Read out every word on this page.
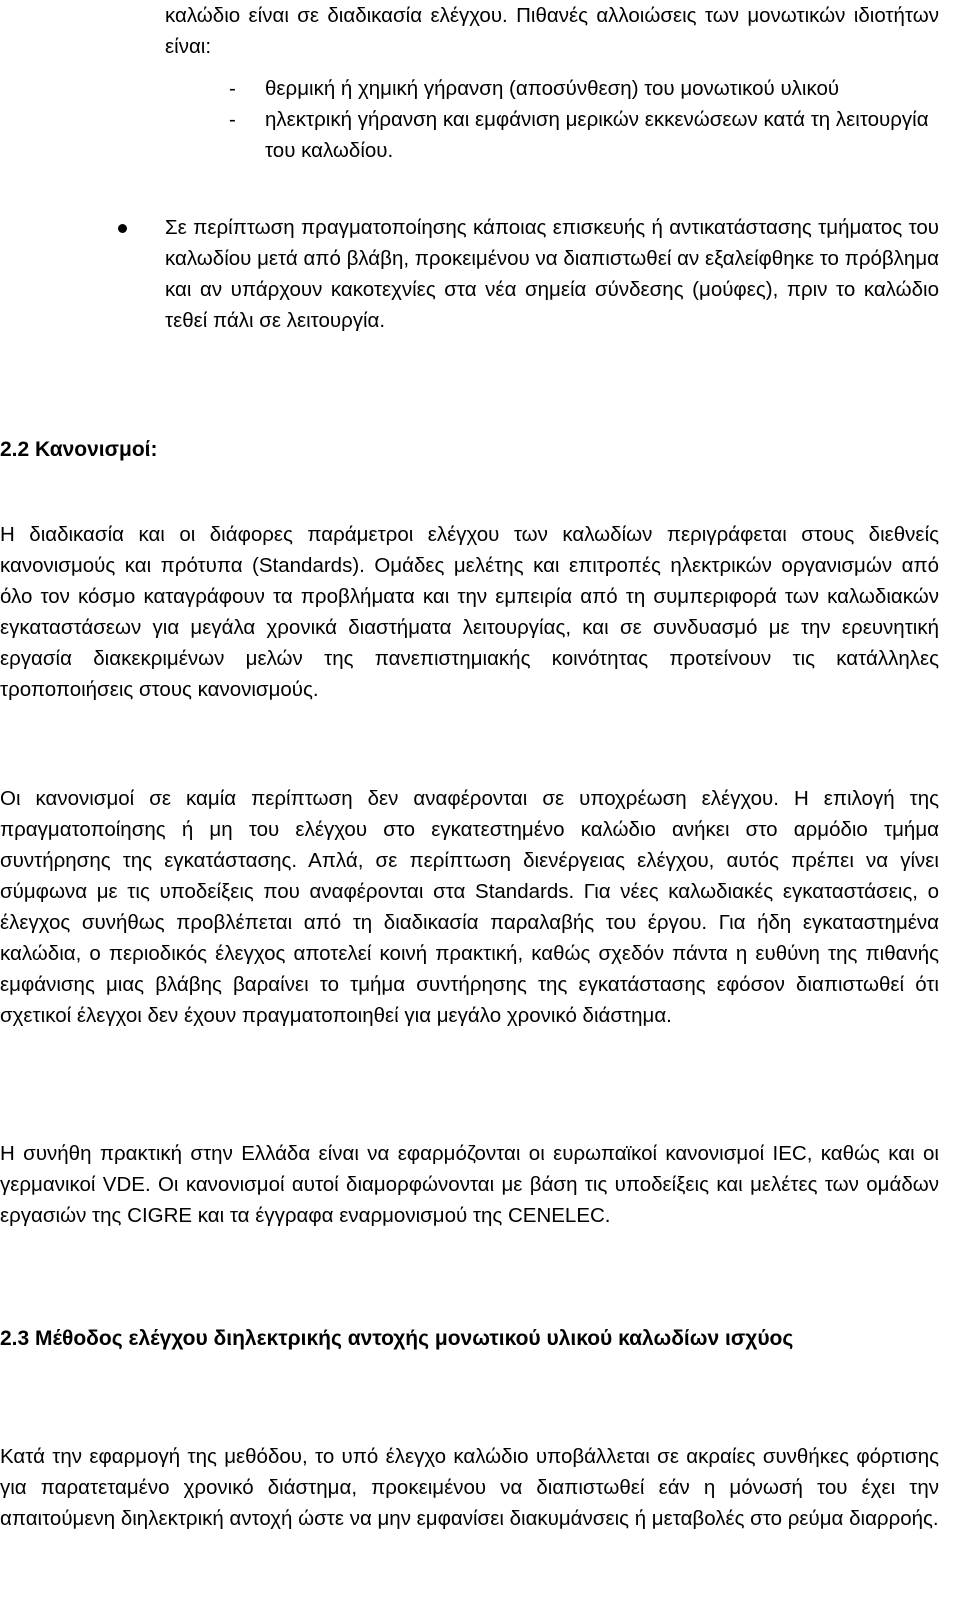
καλώδιο είναι σε διαδικασία ελέγχου. Πιθανές αλλοιώσεις των μονωτικών ιδιοτήτων είναι:

- θερμική ή χημική γήρανση (αποσύνθεση) του μονωτικού υλικού
- ηλεκτρική γήρανση και εμφάνιση μερικών εκκενώσεων κατά τη λειτουργία του καλωδίου.

Σε περίπτωση πραγματοποίησης κάποιας επισκευής ή αντικατάστασης τμήματος του καλωδίου μετά από βλάβη, προκειμένου να διαπιστωθεί αν εξαλείφθηκε το πρόβλημα και αν υπάρχουν κακοτεχνίες στα νέα σημεία σύνδεσης (μούφες), πριν το καλώδιο τεθεί πάλι σε λειτουργία.

2.2 Κανονισμοί:

Η διαδικασία και οι διάφορες παράμετροι ελέγχου των καλωδίων περιγράφεται στους διεθνείς κανονισμούς και πρότυπα (Standards). Ομάδες μελέτης και επιτροπές ηλεκτρικών οργανισμών από όλο τον κόσμο καταγράφουν τα προβλήματα και την εμπειρία από τη συμπεριφορά των καλωδιακών εγκαταστάσεων για μεγάλα χρονικά διαστήματα λειτουργίας, και σε συνδυασμό με την ερευνητική εργασία διακεκριμένων μελών της πανεπιστημιακής κοινότητας προτείνουν τις κατάλληλες τροποποιήσεις στους κανονισμούς.

Οι κανονισμοί σε καμία περίπτωση δεν αναφέρονται σε υποχρέωση ελέγχου. Η επιλογή της πραγματοποίησης ή μη του ελέγχου στο εγκατεστημένο καλώδιο ανήκει στο αρμόδιο τμήμα συντήρησης της εγκατάστασης. Απλά, σε περίπτωση διενέργειας ελέγχου, αυτός πρέπει να γίνει σύμφωνα με τις υποδείξεις που αναφέρονται στα Standards. Για νέες καλωδιακές εγκαταστάσεις, ο έλεγχος συνήθως προβλέπεται από τη διαδικασία παραλαβής του έργου. Για ήδη εγκαταστημένα καλώδια, ο περιοδικός έλεγχος αποτελεί κοινή πρακτική, καθώς σχεδόν πάντα η ευθύνη της πιθανής εμφάνισης μιας βλάβης βαραίνει το τμήμα συντήρησης της εγκατάστασης εφόσον διαπιστωθεί ότι σχετικοί έλεγχοι δεν έχουν πραγματοποιηθεί για μεγάλο χρονικό διάστημα.

Η συνήθη πρακτική στην Ελλάδα είναι να εφαρμόζονται οι ευρωπαϊκοί κανονισμοί IEC, καθώς και οι γερμανικοί VDE. Οι κανονισμοί αυτοί διαμορφώνονται με βάση τις υποδείξεις και μελέτες των ομάδων εργασιών της CIGRE και τα έγγραφα εναρμονισμού της CENELEC.

2.3 Μέθοδος ελέγχου διηλεκτρικής αντοχής μονωτικού υλικού καλωδίων ισχύος

Κατά την εφαρμογή της μεθόδου, το υπό έλεγχο καλώδιο υποβάλλεται σε ακραίες συνθήκες φόρτισης για παρατεταμένο χρονικό διάστημα, προκειμένου να διαπιστωθεί εάν η μόνωσή του έχει την απαιτούμενη διηλεκτρική αντοχή ώστε να μην εμφανίσει διακυμάνσεις ή μεταβολές στο ρεύμα διαρροής.
